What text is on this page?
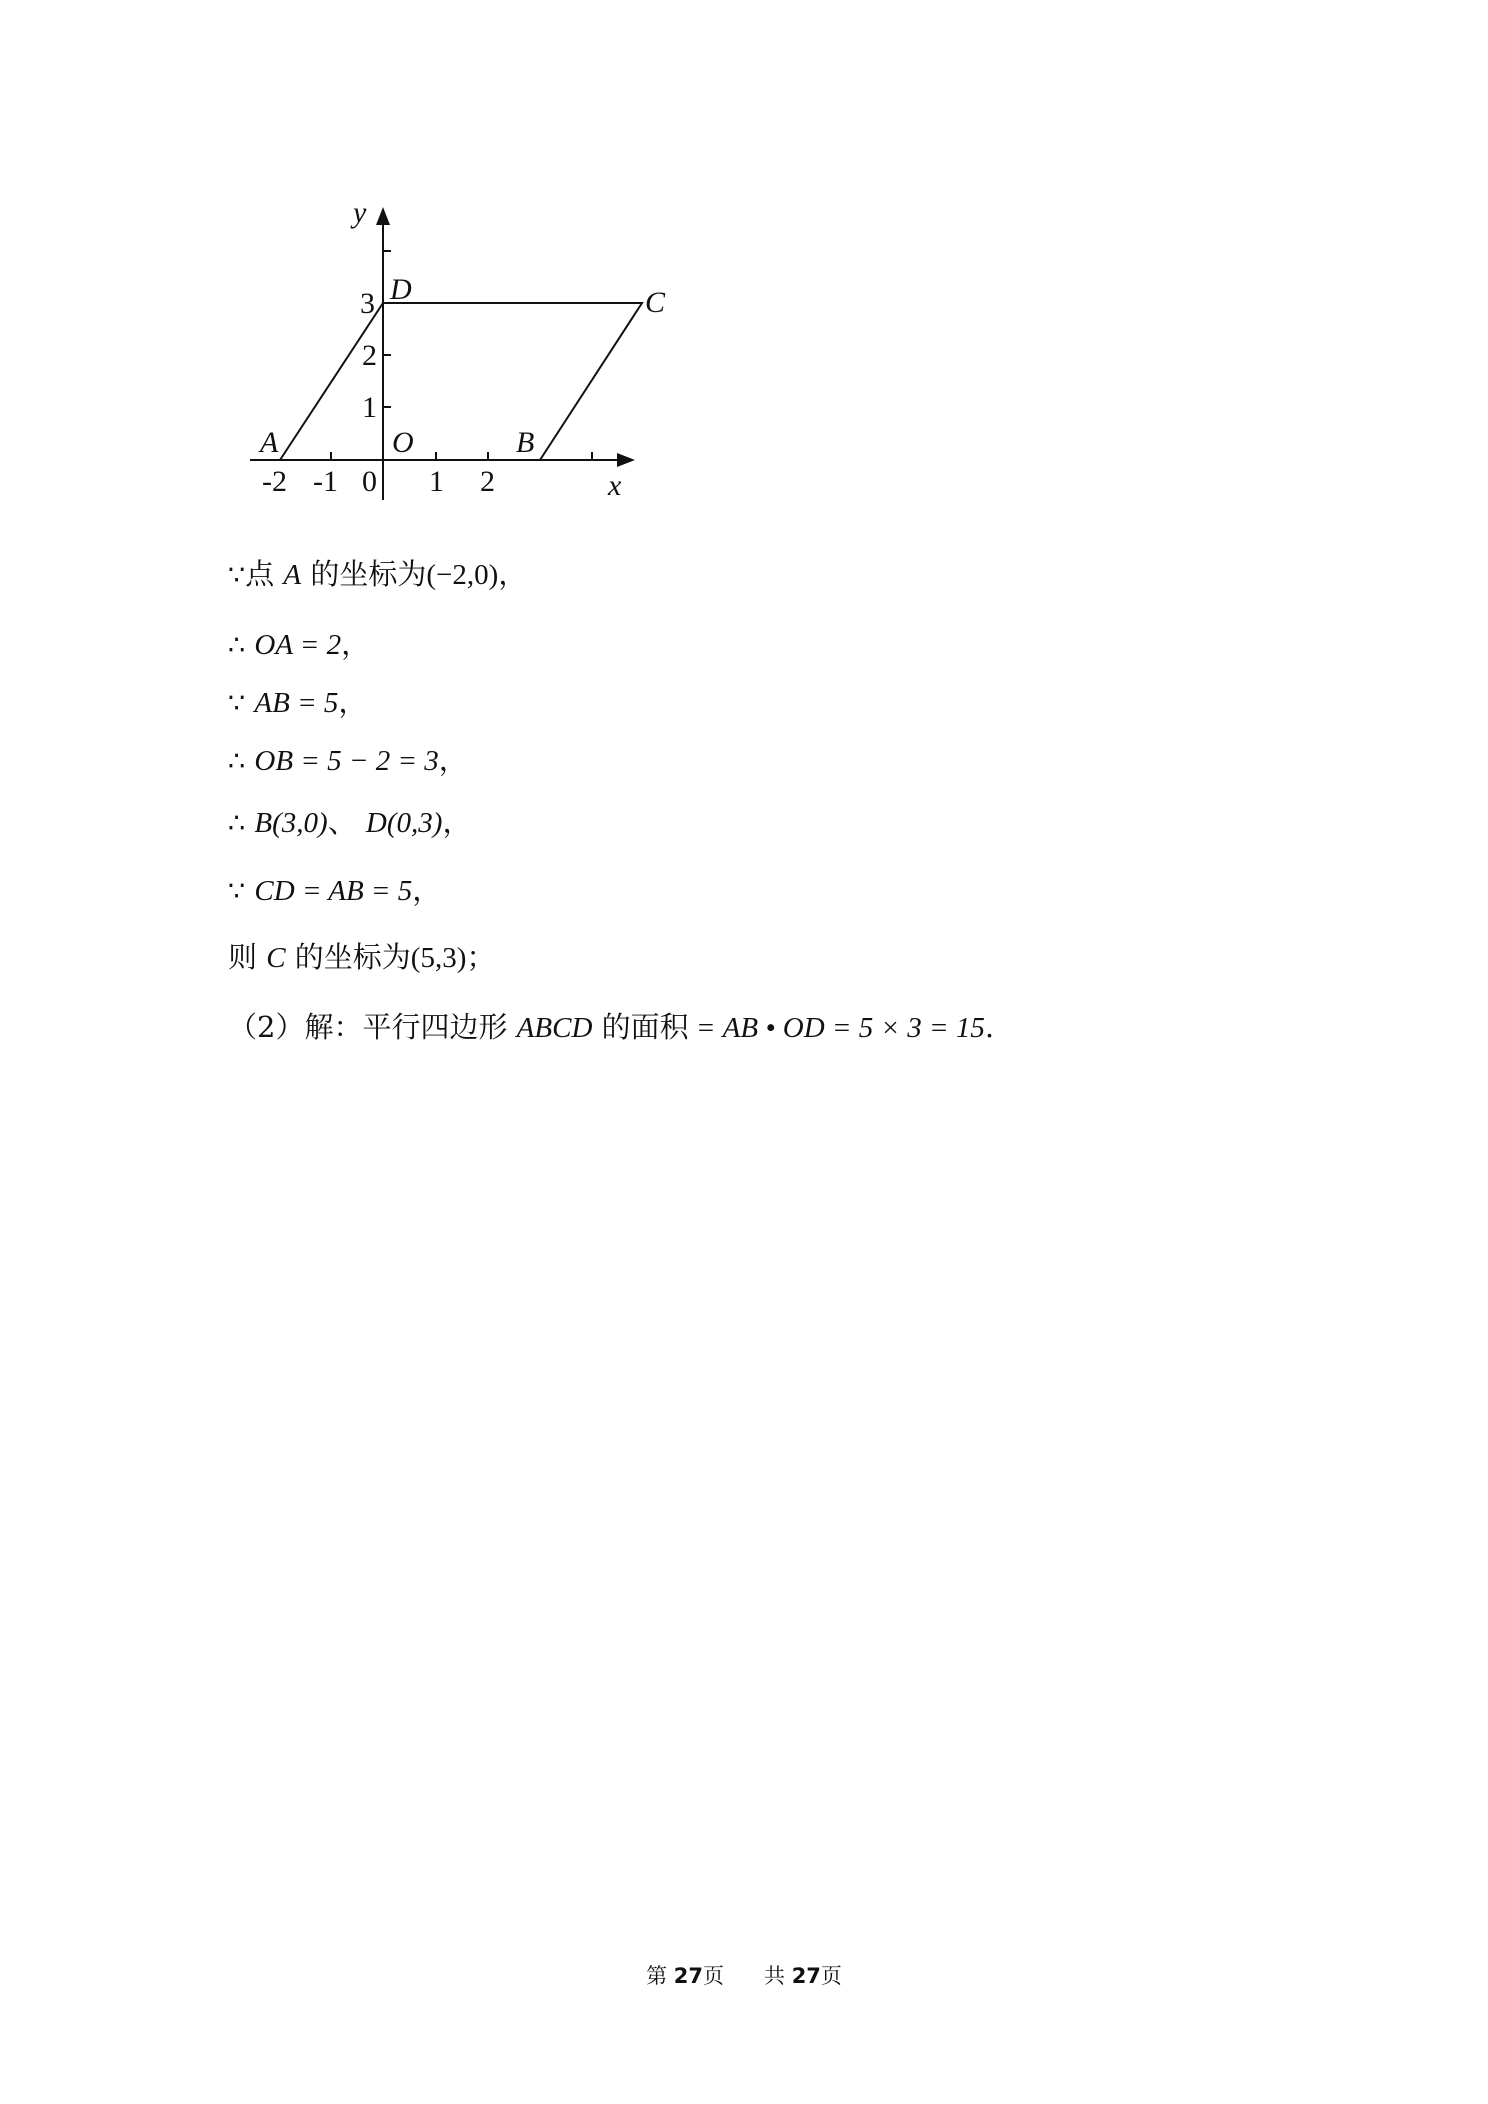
y
x
D	C
A	O	B
-2 -1 0 1 2
1
2
3
∵点 A 的坐标为(−2,0)，
∴ OA = 2，
∵ AB = 5，
∴ OB = 5 − 2 = 3，
∴ B(3,0)、 D(0,3)，
∵ CD = AB = 5，
则 C 的坐标为(5,3)；
（2）解：平行四边形 ABCD 的面积 = AB • OD = 5 × 3 = 15.
第 27页 共 27页
